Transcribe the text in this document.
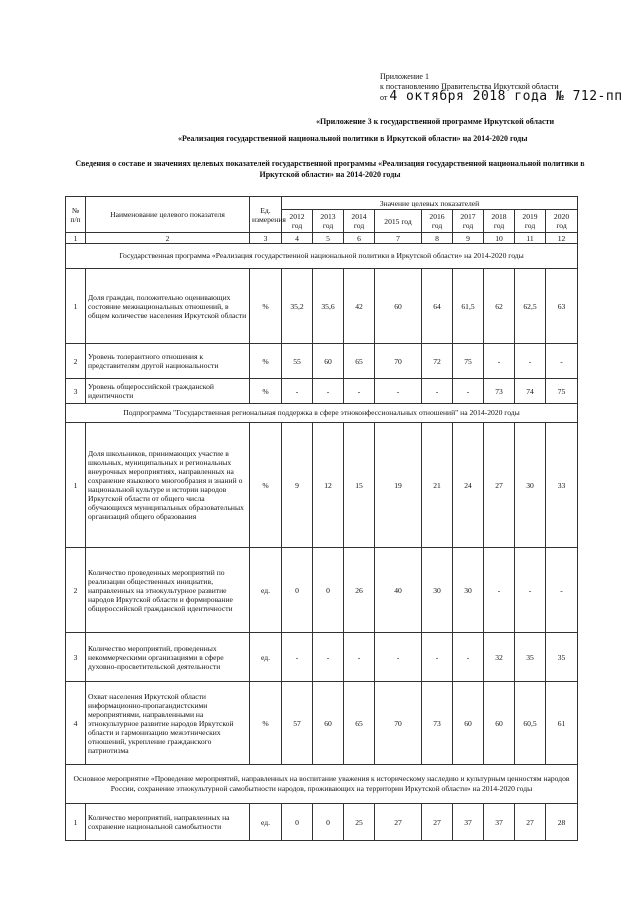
Приложение 1
к постановлению Правительства Иркутской области
от 4 октября 2018 года № 712-пп
«Приложение 3 к государственной программе Иркутской области
«Реализация государственной национальной политики в Иркутской области» на 2014-2020 годы
Сведения о составе и значениях целевых показателей государственной программы «Реализация государственной национальной политики в Иркутской области» на 2014-2020 годы
№ п/п	Наименование целевого показателя	Ед. измерения	Значение целевых показателей								
			2012 год	2013 год	2014 год	2015 год	2016 год	2017 год	2018 год	2019 год	2020 год
1	2	3	4	5	6	7	8	9	10	11	12
Государственная программа «Реализация государственной национальной политики в Иркутской области» на 2014-2020 годы											
1	Доля граждан, положительно оценивающих состояние межнациональных отношений, в общем количестве населения Иркутской области	%	35,2	35,6	42	60	64	61,5	62	62,5	63
2	Уровень толерантного отношения к представителям другой национальности	%	55	60	65	70	72	75	-	-	-
3	Уровень общероссийской гражданской идентичности	%	-	-	-	-	-	-	73	74	75
Подпрограмма "Государственная региональная поддержка в сфере этноконфессиональных отношений" на 2014-2020 годы											
1	Доля школьников, принимающих участие в школьных, муниципальных и региональных внеурочных мероприятиях, направленных на сохранение языкового многообразия и знаний о национальной культуре и истории народов Иркутской области от общего числа обучающихся муниципальных образовательных организаций общего образования	%	9	12	15	19	21	24	27	30	33
2	Количество проведенных мероприятий по реализации общественных инициатив, направленных на этнокультурное развитие народов Иркутской области и формирование общероссийской гражданской идентичности	ед.	0	0	26	40	30	30	-	-	-
3	Количество мероприятий, проведенных некоммерческими организациями в сфере духовно-просветительской деятельности	ед.	-	-	-	-	-	-	32	35	35
4	Охват населения Иркутской области информационно-пропагандистскими мероприятиями, направленными на этнокультурное развитие народов Иркутской области и гармонизацию межэтнических отношений, укрепление гражданского патриотизма	%	57	60	65	70	73	60	60	60,5	61
Основное мероприятие «Проведение мероприятий, направленных на воспитание уважения к историческому наследию и культурным ценностям народов России, сохранение этнокультурной самобытности народов, проживающих на территории Иркутской области» на 2014-2020 годы											
1	Количество мероприятий, направленных на сохранение национальной самобытности	ед.	0	0	25	27	27	37	37	27	28
